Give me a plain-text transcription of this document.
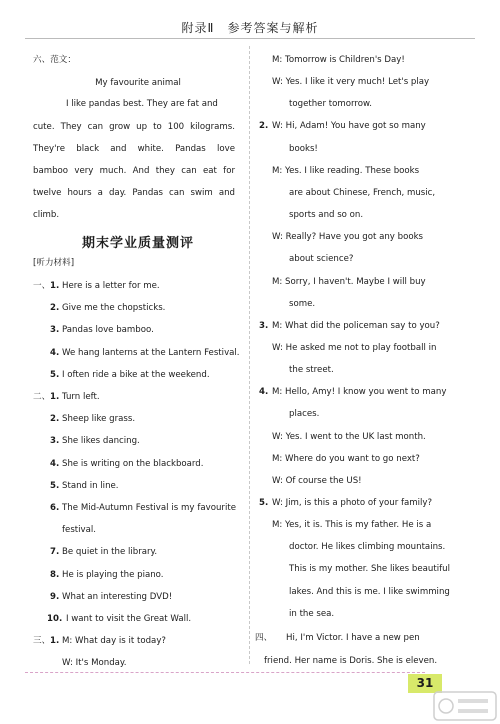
附录Ⅱ　参考答案与解析
六、范文：
My favourite animal
I like pandas best. They are fat and
cute. They can grow up to 100 kilograms.
They're black and white. Pandas love
bamboo very much. And they can eat for
twelve hours a day. Pandas can swim and
climb.
期末学业质量测评
[听力材料]
一、 1. Here is a letter for me.
2. Give me the chopsticks.
3. Pandas love bamboo.
4. We hang lanterns at the Lantern Festival.
5. I often ride a bike at the weekend.
二、 1. Turn left.
2. Sheep like grass.
3. She likes dancing.
4. She is writing on the blackboard.
5. Stand in line.
6. The Mid-Autumn Festival is my favourite
festival.
7. Be quiet in the library.
8. He is playing the piano.
9. What an interesting DVD!
10. I want to visit the Great Wall.
三、 1. M: What day is it today?
W: It's Monday.
M: Tomorrow is Children's Day!
W: Yes. I like it very much! Let's play
together tomorrow.
2. W: Hi, Adam! You have got so many
books!
M: Yes. I like reading. These books
are about Chinese, French, music,
sports and so on.
W: Really? Have you got any books
about science?
M: Sorry, I haven't. Maybe I will buy
some.
3. M: What did the policeman say to you?
W: He asked me not to play football in
the street.
4. M: Hello, Amy! I know you went to many
places.
W: Yes. I went to the UK last month.
M: Where do you want to go next?
W: Of course the US!
5. W: Jim, is this a photo of your family?
M: Yes, it is. This is my father. He is a
doctor. He likes climbing mountains.
This is my mother. She likes beautiful
lakes. And this is me. I like swimming
in the sea.
四、 Hi, I'm Victor. I have a new pen
friend. Her name is Doris. She is eleven.
31
